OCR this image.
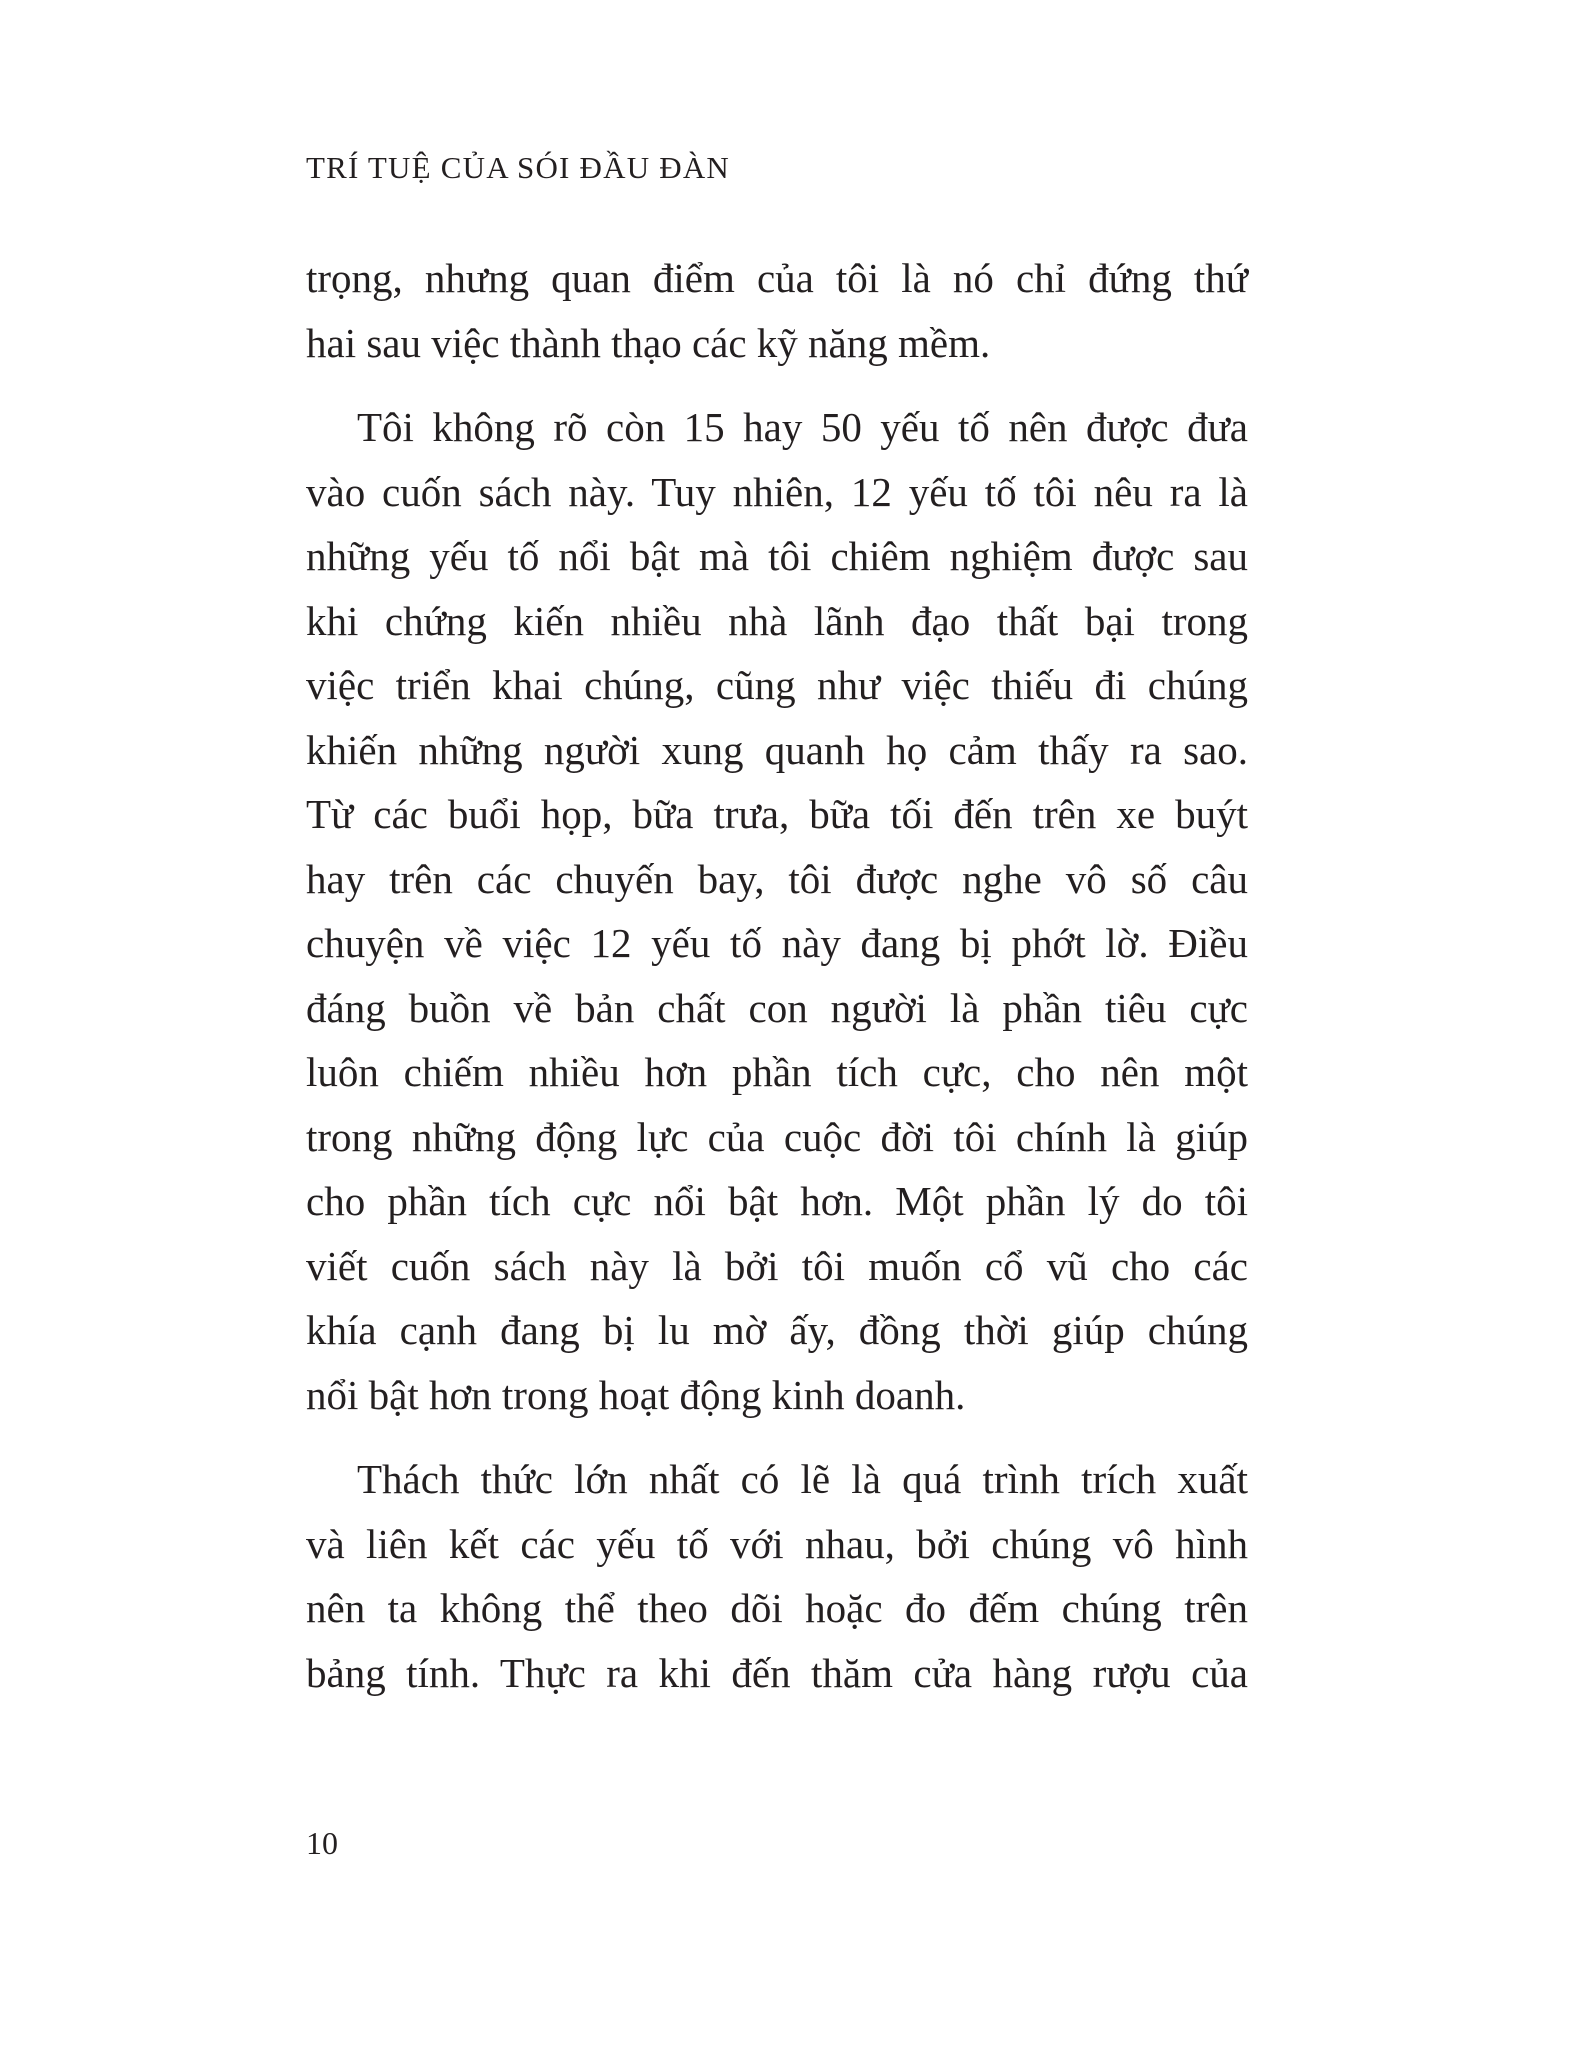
TRÍ TUỆ CỦA SÓI ĐẦU ĐÀN

trọng, nhưng quan điểm của tôi là nó chỉ đứng thứ
hai sau việc thành thạo các kỹ năng mềm.

Tôi không rõ còn 15 hay 50 yếu tố nên được đưa
vào cuốn sách này. Tuy nhiên, 12 yếu tố tôi nêu ra là
những yếu tố nổi bật mà tôi chiêm nghiệm được sau
khi chứng kiến nhiều nhà lãnh đạo thất bại trong
việc triển khai chúng, cũng như việc thiếu đi chúng
khiến những người xung quanh họ cảm thấy ra sao.
Từ các buổi họp, bữa trưa, bữa tối đến trên xe buýt
hay trên các chuyến bay, tôi được nghe vô số câu
chuyện về việc 12 yếu tố này đang bị phớt lờ. Điều
đáng buồn về bản chất con người là phần tiêu cực
luôn chiếm nhiều hơn phần tích cực, cho nên một
trong những động lực của cuộc đời tôi chính là giúp
cho phần tích cực nổi bật hơn. Một phần lý do tôi
viết cuốn sách này là bởi tôi muốn cổ vũ cho các
khía cạnh đang bị lu mờ ấy, đồng thời giúp chúng
nổi bật hơn trong hoạt động kinh doanh.

Thách thức lớn nhất có lẽ là quá trình trích xuất
và liên kết các yếu tố với nhau, bởi chúng vô hình
nên ta không thể theo dõi hoặc đo đếm chúng trên
bảng tính. Thực ra khi đến thăm cửa hàng rượu của

10
